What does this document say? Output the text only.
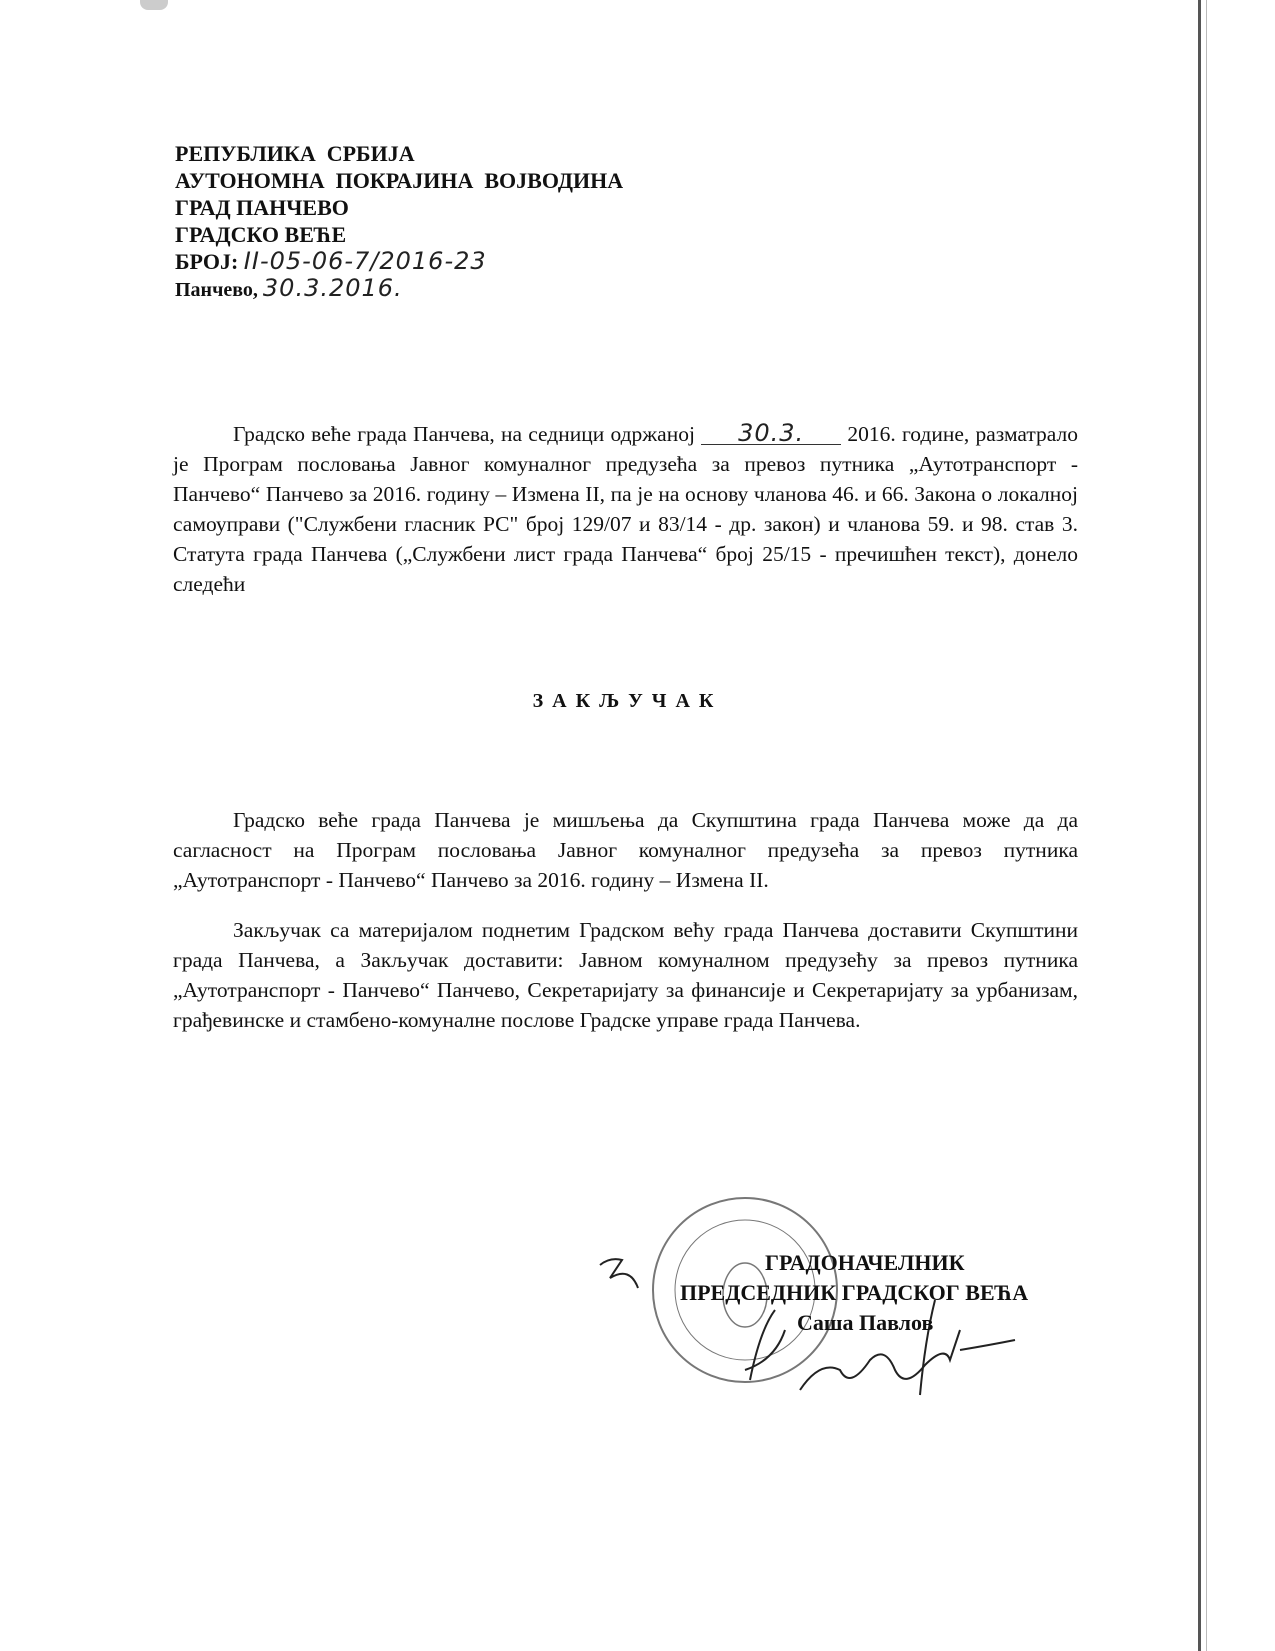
РЕПУБЛИКА  СРБИЈА
АУТОНОМНА  ПОКРАЈИНА  ВОЈВОДИНА
ГРАД ПАНЧЕВО
ГРАДСКО ВЕЋЕ
БРОЈ: II-05-06-7/2016-23
Панчево, 30.3.2016.
Градско веће града Панчева, на седници одржаној 30.3. 2016. године, разматрало је Програм пословања Јавног комуналног предузећа за превоз путника „Аутотранспорт - Панчево“ Панчево за 2016. годину – Измена II, па је на основу чланова 46. и 66. Закона о локалној самоуправи ("Службени гласник РС" број 129/07 и 83/14 - др. закон) и чланова 59. и 98. став 3. Статута града Панчева („Службени лист града Панчева“ број 25/15 - пречишћен текст), донело следећи
ЗАКЉУЧАК
Градско веће града Панчева је мишљења да Скупштина града Панчева може да да сагласност на Програм пословања Јавног комуналног предузећа за превоз путника „Аутотранспорт - Панчево“ Панчево за 2016. годину – Измена II.
Закључак са материјалом поднетим Градском већу града Панчева доставити Скупштини града Панчева, а Закључак доставити: Јавном комуналном предузећу за превоз путника „Аутотранспорт - Панчево“ Панчево, Секретаријату за финансије и Секретаријату за урбанизам, грађевинске и стамбено-комуналне послове Градске управе града Панчева.
ГРАДОНАЧЕЛНИК
ПРЕДСЕДНИК ГРАДСКОГ ВЕЋА
Саша Павлов
